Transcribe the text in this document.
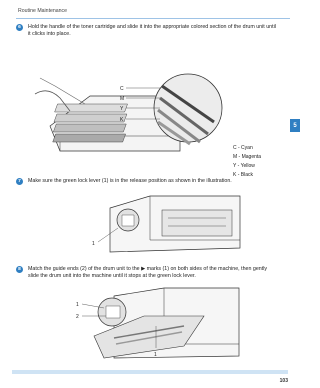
Routine Maintenance
5
6	Hold the handle of the toner cartridge and slide it into the appropriate colored section of the drum unit until it clicks into place.
C
M
Y
K
C - Cyan
M - Magenta
Y - Yellow
K - Black
7	Make sure the green lock lever (1) is in the release position as shown in the illustration.
1
8	Match the guide ends (2) of the drum unit to the ▶ marks (1) on both sides of the machine, then gently slide the drum unit into the machine until it stops at the green lock lever.
1
2
1
103
